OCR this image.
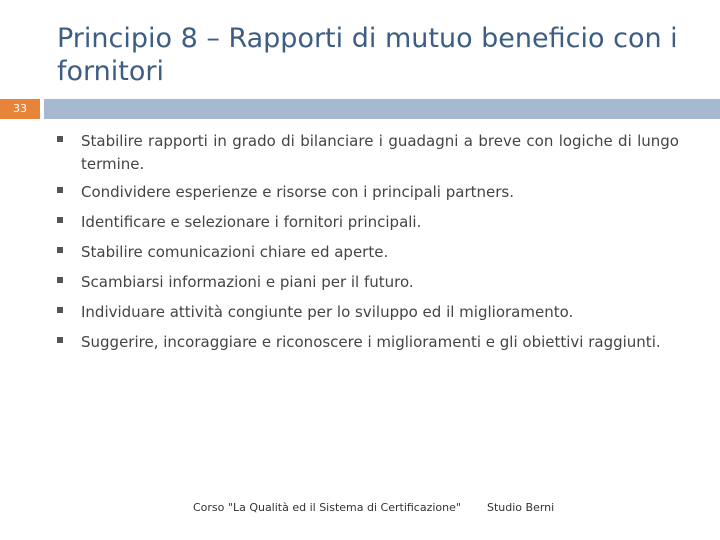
Principio 8 – Rapporti di mutuo beneficio con i fornitori
33
Stabilire rapporti in grado di bilanciare i guadagni a breve con logiche di lungo termine.
Condividere esperienze e risorse con i principali partners.
Identificare e selezionare i fornitori principali.
Stabilire comunicazioni chiare ed aperte.
Scambiarsi informazioni e piani per il futuro.
Individuare attività congiunte per lo sviluppo ed il miglioramento.
Suggerire, incoraggiare e riconoscere i miglioramenti e gli obiettivi raggiunti.
Corso "La Qualità ed il Sistema di Certificazione" Studio Berni
